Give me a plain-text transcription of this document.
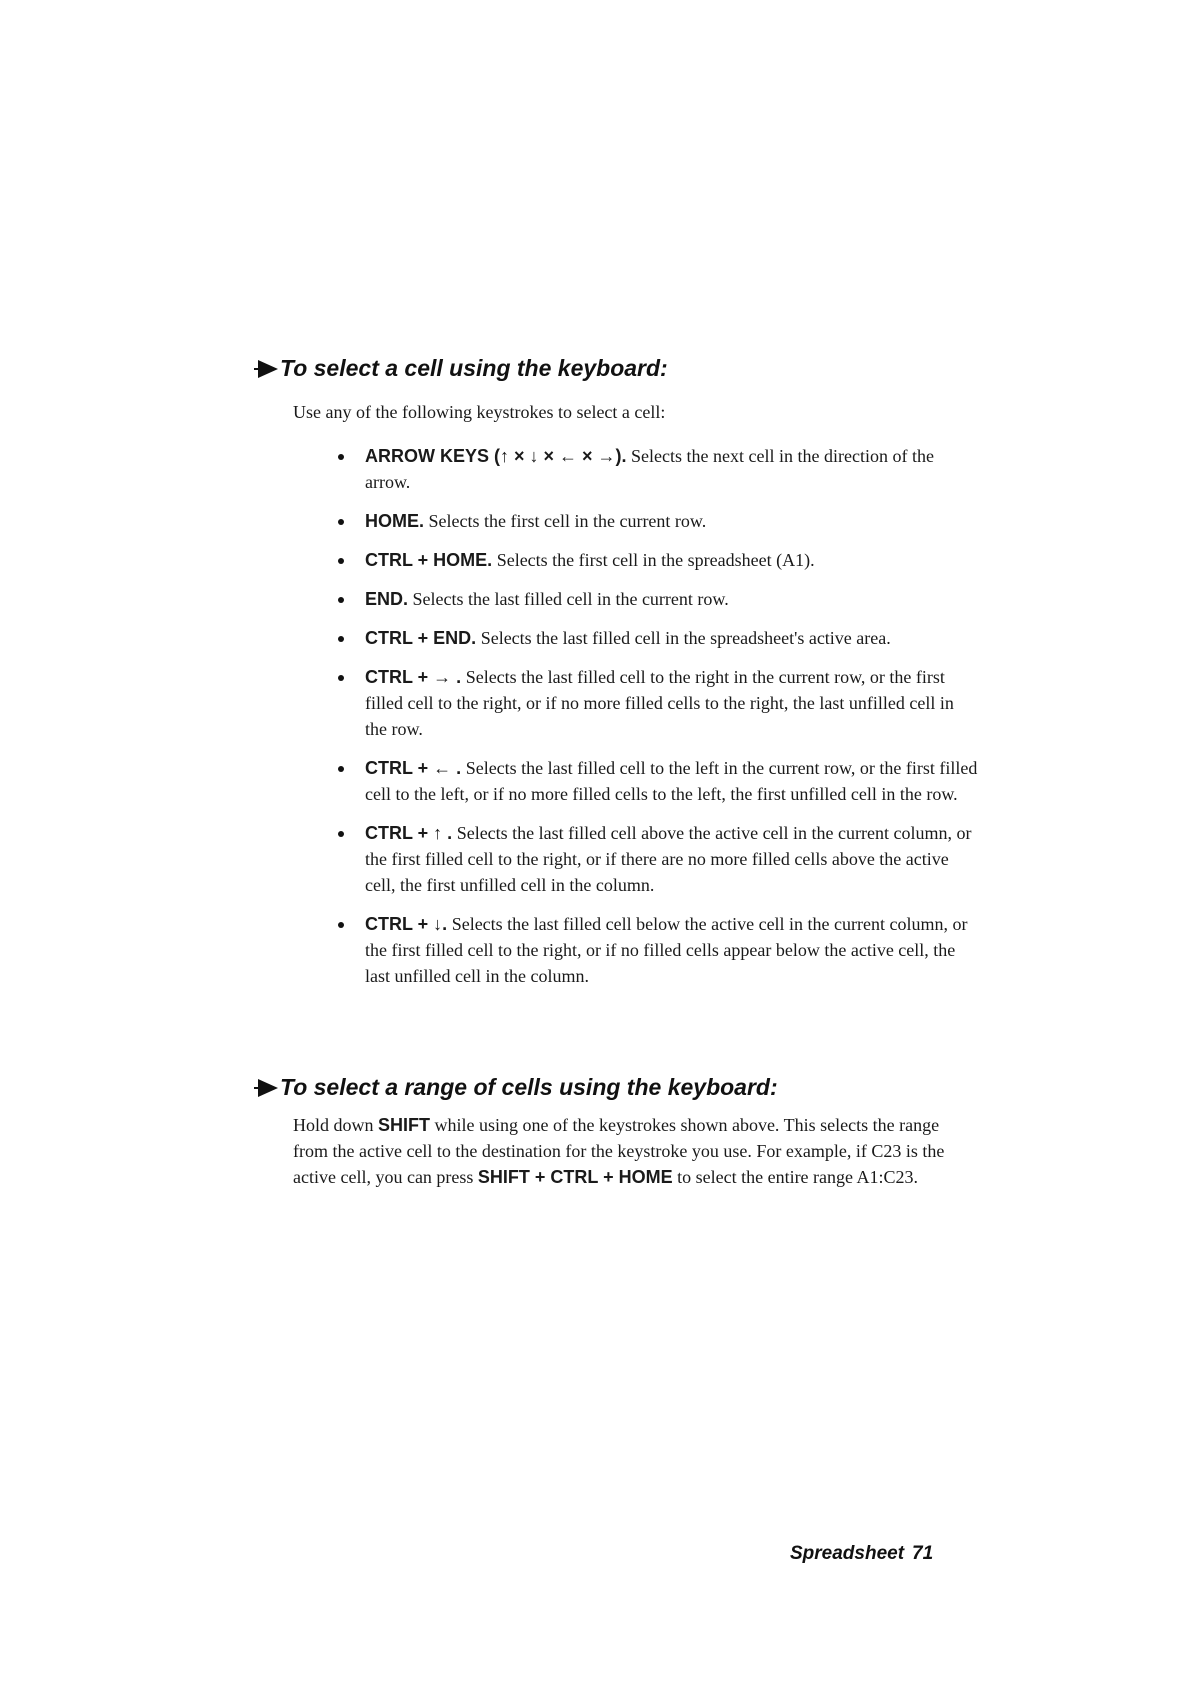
To select a cell using the keyboard:
Use any of the following keystrokes to select a cell:
ARROW KEYS (↑ × ↓ × ← × →). Selects the next cell in the direction of the arrow.
HOME. Selects the first cell in the current row.
CTRL + HOME. Selects the first cell in the spreadsheet (A1).
END. Selects the last filled cell in the current row.
CTRL + END. Selects the last filled cell in the spreadsheet's active area.
CTRL + → . Selects the last filled cell to the right in the current row, or the first filled cell to the right, or if no more filled cells to the right, the last unfilled cell in the row.
CTRL + ← . Selects the last filled cell to the left in the current row, or the first filled cell to the left, or if no more filled cells to the left, the first unfilled cell in the row.
CTRL + ↑ . Selects the last filled cell above the active cell in the current column, or the first filled cell to the right, or if there are no more filled cells above the active cell, the first unfilled cell in the column.
CTRL + ↓. Selects the last filled cell below the active cell in the current column, or the first filled cell to the right, or if no filled cells appear below the active cell, the last unfilled cell in the column.
To select a range of cells using the keyboard:
Hold down SHIFT while using one of the keystrokes shown above. This selects the range from the active cell to the destination for the keystroke you use. For example, if C23 is the active cell, you can press SHIFT + CTRL + HOME to select the entire range A1:C23.
Spreadsheet 71
